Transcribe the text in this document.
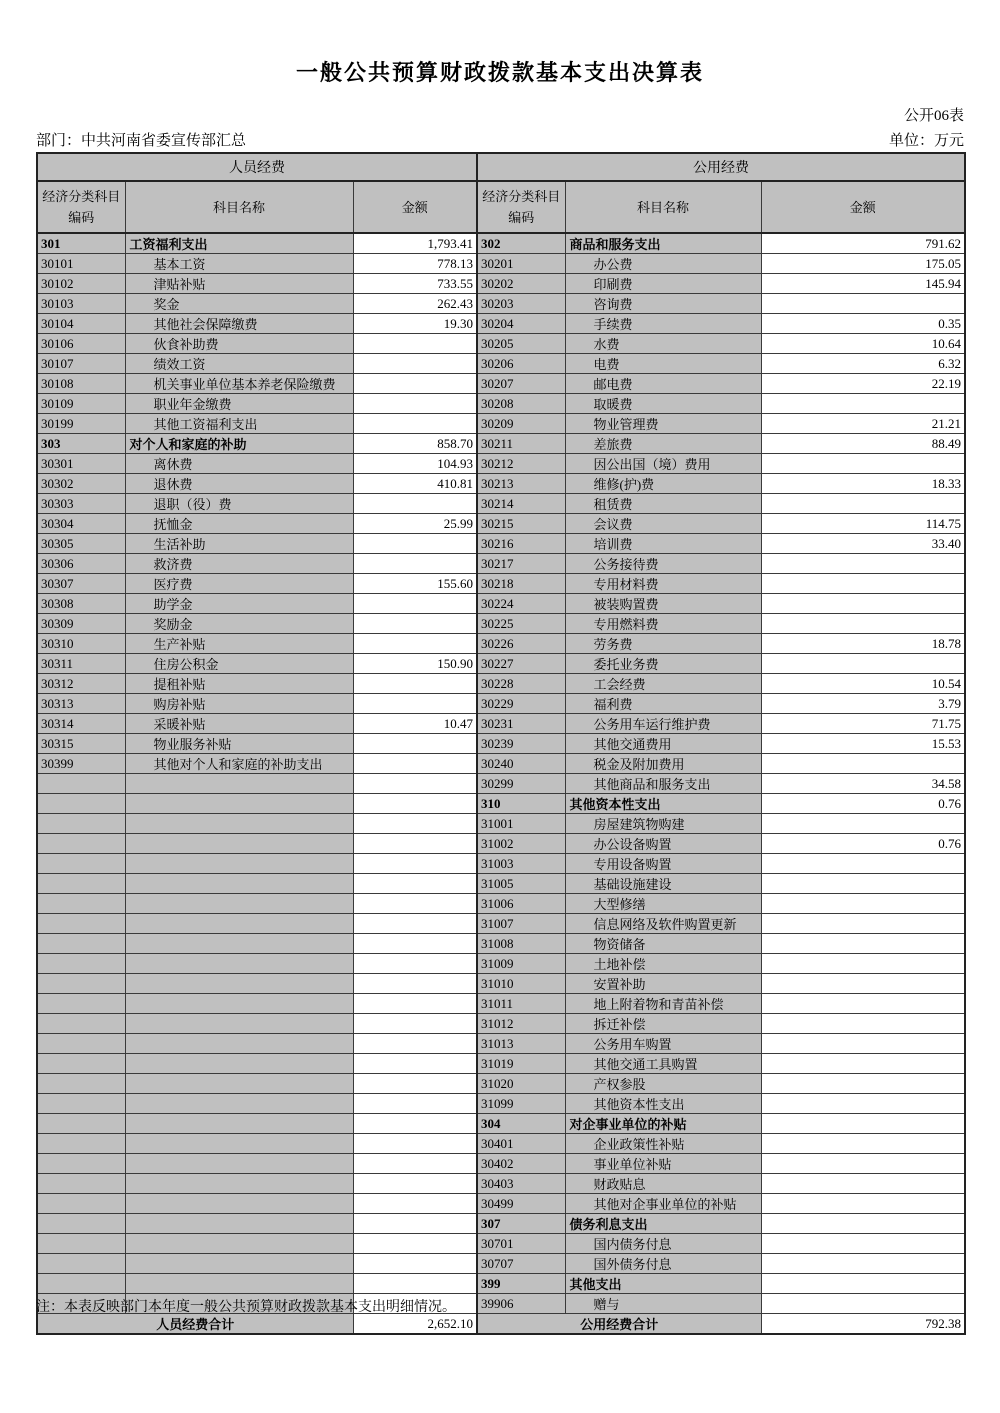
一般公共预算财政拨款基本支出决算表
公开06表
部门：中共河南省委宣传部汇总	单位：万元
人员经费			公用经费		

经济分类科目
编码
	科目名称	金额	
经济分类科目
编码
	科目名称	金额
301	工资福利支出	1,793.41	302	商品和服务支出	791.62
30101	基本工资	778.13	30201	办公费	175.05
30102	津贴补贴	733.55	30202	印刷费	145.94
30103	奖金	262.43	30203	咨询费	
30104	其他社会保障缴费	19.30	30204	手续费	0.35
30106	伙食补助费		30205	水费	10.64
30107	绩效工资		30206	电费	6.32
30108	机关事业单位基本养老保险缴费		30207	邮电费	22.19
30109	职业年金缴费		30208	取暖费	
30199	其他工资福利支出		30209	物业管理费	21.21
303	对个人和家庭的补助	858.70	30211	差旅费	88.49
30301	离休费	104.93	30212	因公出国（境）费用	
30302	退休费	410.81	30213	维修(护)费	18.33
30303	退职（役）费		30214	租赁费	
30304	抚恤金	25.99	30215	会议费	114.75
30305	生活补助		30216	培训费	33.40
30306	救济费		30217	公务接待费	
30307	医疗费	155.60	30218	专用材料费	
30308	助学金		30224	被装购置费	
30309	奖励金		30225	专用燃料费	
30310	生产补贴		30226	劳务费	18.78
30311	住房公积金	150.90	30227	委托业务费	
30312	提租补贴		30228	工会经费	10.54
30313	购房补贴		30229	福利费	3.79
30314	采暖补贴	10.47	30231	公务用车运行维护费	71.75
30315	物业服务补贴		30239	其他交通费用	15.53
30399	其他对个人和家庭的补助支出		30240	税金及附加费用	
			30299	其他商品和服务支出	34.58
			310	其他资本性支出	0.76
			31001	房屋建筑物购建	
			31002	办公设备购置	0.76
			31003	专用设备购置	
			31005	基础设施建设	
			31006	大型修缮	
			31007	信息网络及软件购置更新	
			31008	物资储备	
			31009	土地补偿	
			31010	安置补助	
			31011	地上附着物和青苗补偿	
			31012	拆迁补偿	
			31013	公务用车购置	
			31019	其他交通工具购置	
			31020	产权参股	
			31099	其他资本性支出	
			304	对企事业单位的补贴	
			30401	企业政策性补贴	
			30402	事业单位补贴	
			30403	财政贴息	
			30499	其他对企事业单位的补贴	
			307	债务利息支出	
			30701	国内债务付息	
			30707	国外债务付息	
			399	其他支出	
			39906	赠与	
人员经费合计		2,652.10	公用经费合计		792.38
注：本表反映部门本年度一般公共预算财政拨款基本支出明细情况。
